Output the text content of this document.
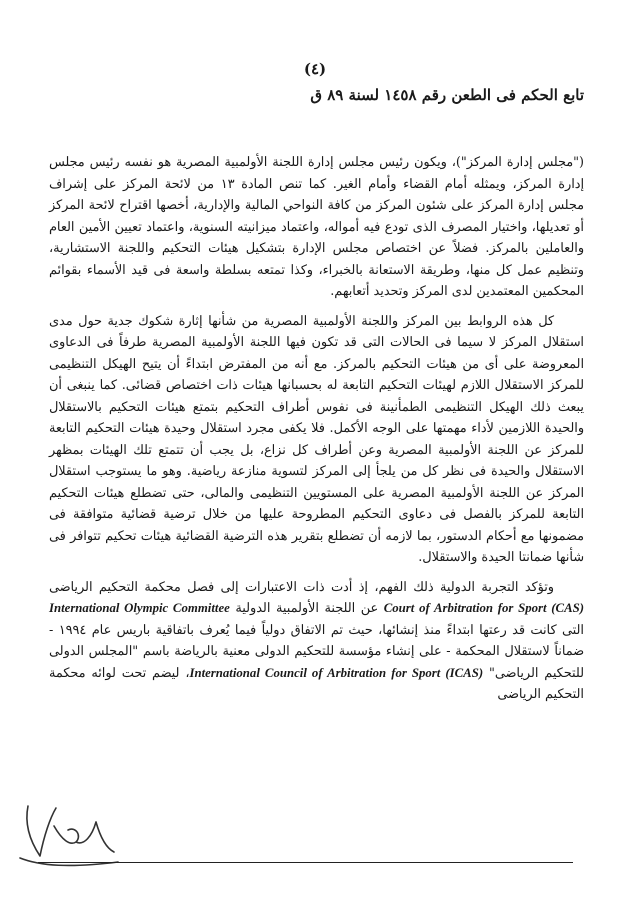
(٤)
تابع الحكم فى الطعن رقم ١٤٥٨ لسنة ٨٩ ق

("مجلس إدارة المركز")، ويكون رئيس مجلس إدارة اللجنة الأولمبية المصرية هو نفسه رئيس مجلس إدارة المركز، ويمثله أمام القضاء وأمام الغير. كما تنص المادة ١٣ من لائحة المركز على إشراف مجلس إدارة المركز على شئون المركز من كافة النواحي المالية والإدارية، أخصها اقتراح لائحة المركز أو تعديلها، واختيار المصرف الذى تودع فيه أمواله، واعتماد ميزانيته السنوية، واعتماد تعيين الأمين العام والعاملين بالمركز. فضلاً عن اختصاص مجلس الإدارة بتشكيل هيئات التحكيم واللجنة الاستشارية، وتنظيم عمل كل منها، وطريقة الاستعانة بالخبراء، وكذا تمتعه بسلطة واسعة فى قيد الأسماء بقوائم المحكمين المعتمدين لدى المركز وتحديد أتعابهم.

كل هذه الروابط بين المركز واللجنة الأولمبية المصرية من شأنها إثارة شكوك جدية حول مدى استقلال المركز لا سيما فى الحالات التى قد تكون فيها اللجنة الأولمبية المصرية طرفاً فى الدعاوى المعروضة على أى من هيئات التحكيم بالمركز. مع أنه من المفترض ابتداءً أن يتيح الهيكل التنظيمى للمركز الاستقلال اللازم لهيئات التحكيم التابعة له بحسبانها هيئات ذات اختصاص قضائى. كما ينبغى أن يبعث ذلك الهيكل التنظيمى الطمأنينة فى نفوس أطراف التحكيم بتمتع هيئات التحكيم بالاستقلال والحيدة اللازمين لأداء مهمتها على الوجه الأكمل. فلا يكفى مجرد استقلال وحيدة هيئات التحكيم التابعة للمركز عن اللجنة الأولمبية المصرية وعن أطراف كل نزاع، بل يجب أن تتمتع تلك الهيئات بمظهر الاستقلال والحيدة فى نظر كل من يلجأ إلى المركز لتسوية منازعة رياضية. وهو ما يستوجب استقلال المركز عن اللجنة الأولمبية المصرية على المستويين التنظيمى والمالى، حتى تضطلع هيئات التحكيم التابعة للمركز بالفصل فى دعاوى التحكيم المطروحة عليها من خلال ترضية قضائية متوافقة فى مضمونها مع أحكام الدستور، بما لازمه أن تضطلع بتقرير هذه الترضية القضائية هيئات تحكيم تتوافر فى شأنها ضمانتا الحيدة والاستقلال.

وتؤكد التجربة الدولية ذلك الفهم، إذ أدت ذات الاعتبارات إلى فصل محكمة التحكيم الرياضى Court of Arbitration for Sport (CAS) عن اللجنة الأولمبية الدولية International Olympic Committee التى كانت قد رعتها ابتداءً منذ إنشائها، حيث تم الاتفاق دولياً فيما يُعرف باتفاقية باريس عام ١٩٩٤ - ضماناً لاستقلال المحكمة - على إنشاء مؤسسة للتحكيم الدولى معنية بالرياضة باسم "المجلس الدولى للتحكيم الرياضى" International Council of Arbitration for Sport (ICAS)، ليضم تحت لوائه محكمة التحكيم الرياضى
